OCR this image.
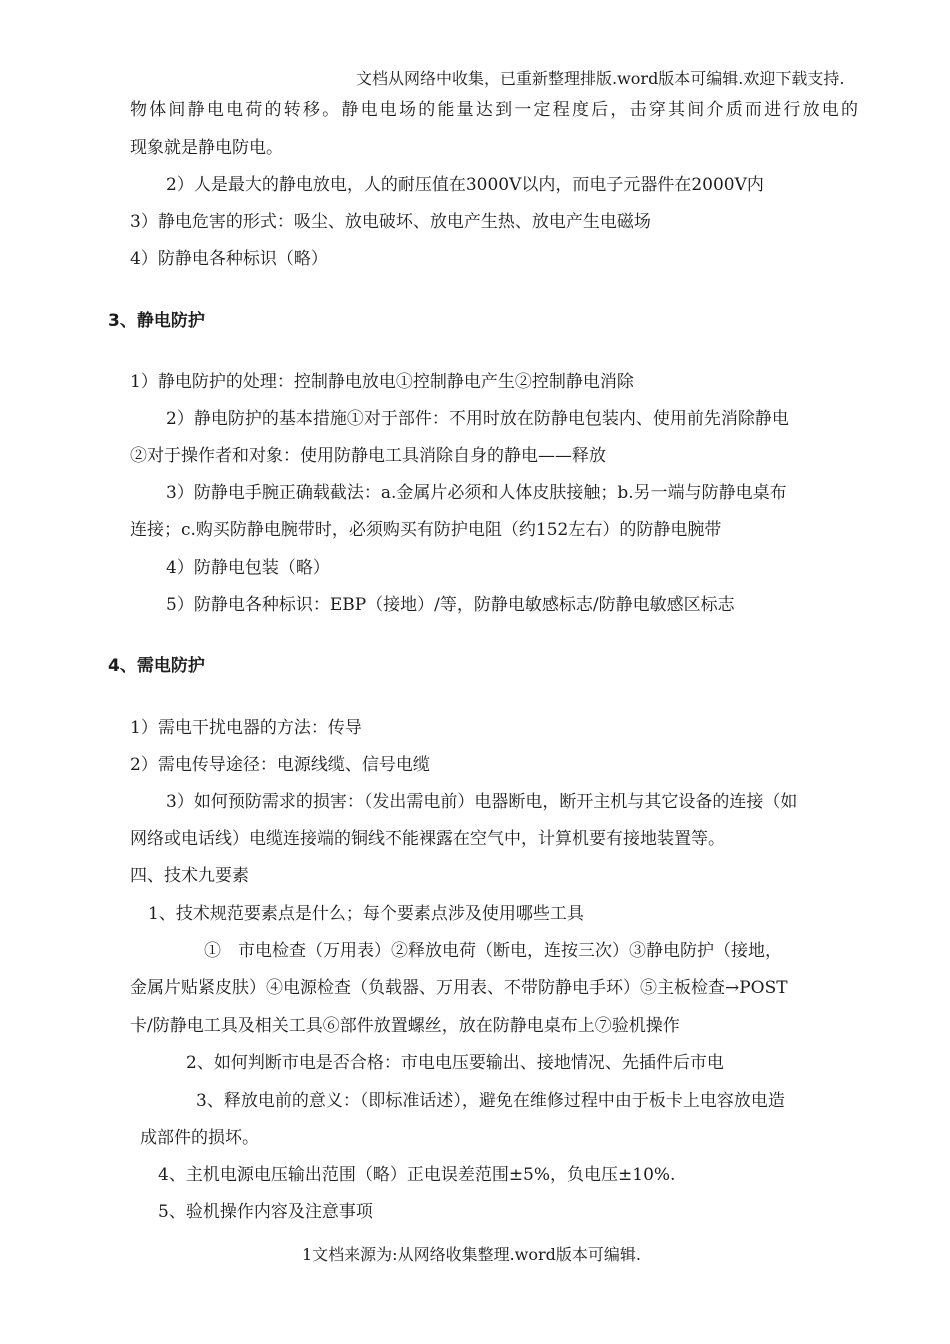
文档从网络中收集，已重新整理排版.word版本可编辑.欢迎下载支持.
物体间静电电荷的转移。静电电场的能量达到一定程度后，击穿其间介质而进行放电的
现象就是静电防电。
2）人是最大的静电放电，人的耐压值在3000V以内，而电子元器件在2000V内
3）静电危害的形式：吸尘、放电破坏、放电产生热、放电产生电磁场
4）防静电各种标识（略）
3、静电防护
1）静电防护的处理：控制静电放电①控制静电产生②控制静电消除
2）静电防护的基本措施①对于部件：不用时放在防静电包装内、使用前先消除静电
②对于操作者和对象：使用防静电工具消除自身的静电——释放
3）防静电手腕正确载截法：a.金属片必须和人体皮肤接触；b.另一端与防静电桌布
连接；c.购买防静电腕带时，必须购买有防护电阻（约152左右）的防静电腕带
4）防静电包装（略）
5）防静电各种标识：EBP（接地）/等，防静电敏感标志/防静电敏感区标志
4、需电防护
1）需电干扰电器的方法：传导
2）需电传导途径：电源线缆、信号电缆
3）如何预防需求的损害：（发出需电前）电器断电，断开主机与其它设备的连接（如
网络或电话线）电缆连接端的铜线不能裸露在空气中，计算机要有接地装置等。
四、技术九要素
1、技术规范要素点是什么；每个要素点涉及使用哪些工具
①　市电检查（万用表）②释放电荷（断电，连按三次）③静电防护（接地，
金属片贴紧皮肤）④电源检查（负载器、万用表、不带防静电手环）⑤主板检查→POST
卡/防静电工具及相关工具⑥部件放置螺丝，放在防静电桌布上⑦验机操作
2、如何判断市电是否合格：市电电压要输出、接地情况、先插件后市电
3、释放电前的意义：（即标准话述），避免在维修过程中由于板卡上电容放电造
成部件的损坏。
4、主机电源电压输出范围（略）正电误差范围±5%，负电压±10%.
5、验机操作内容及注意事项
1文档来源为:从网络收集整理.word版本可编辑.
